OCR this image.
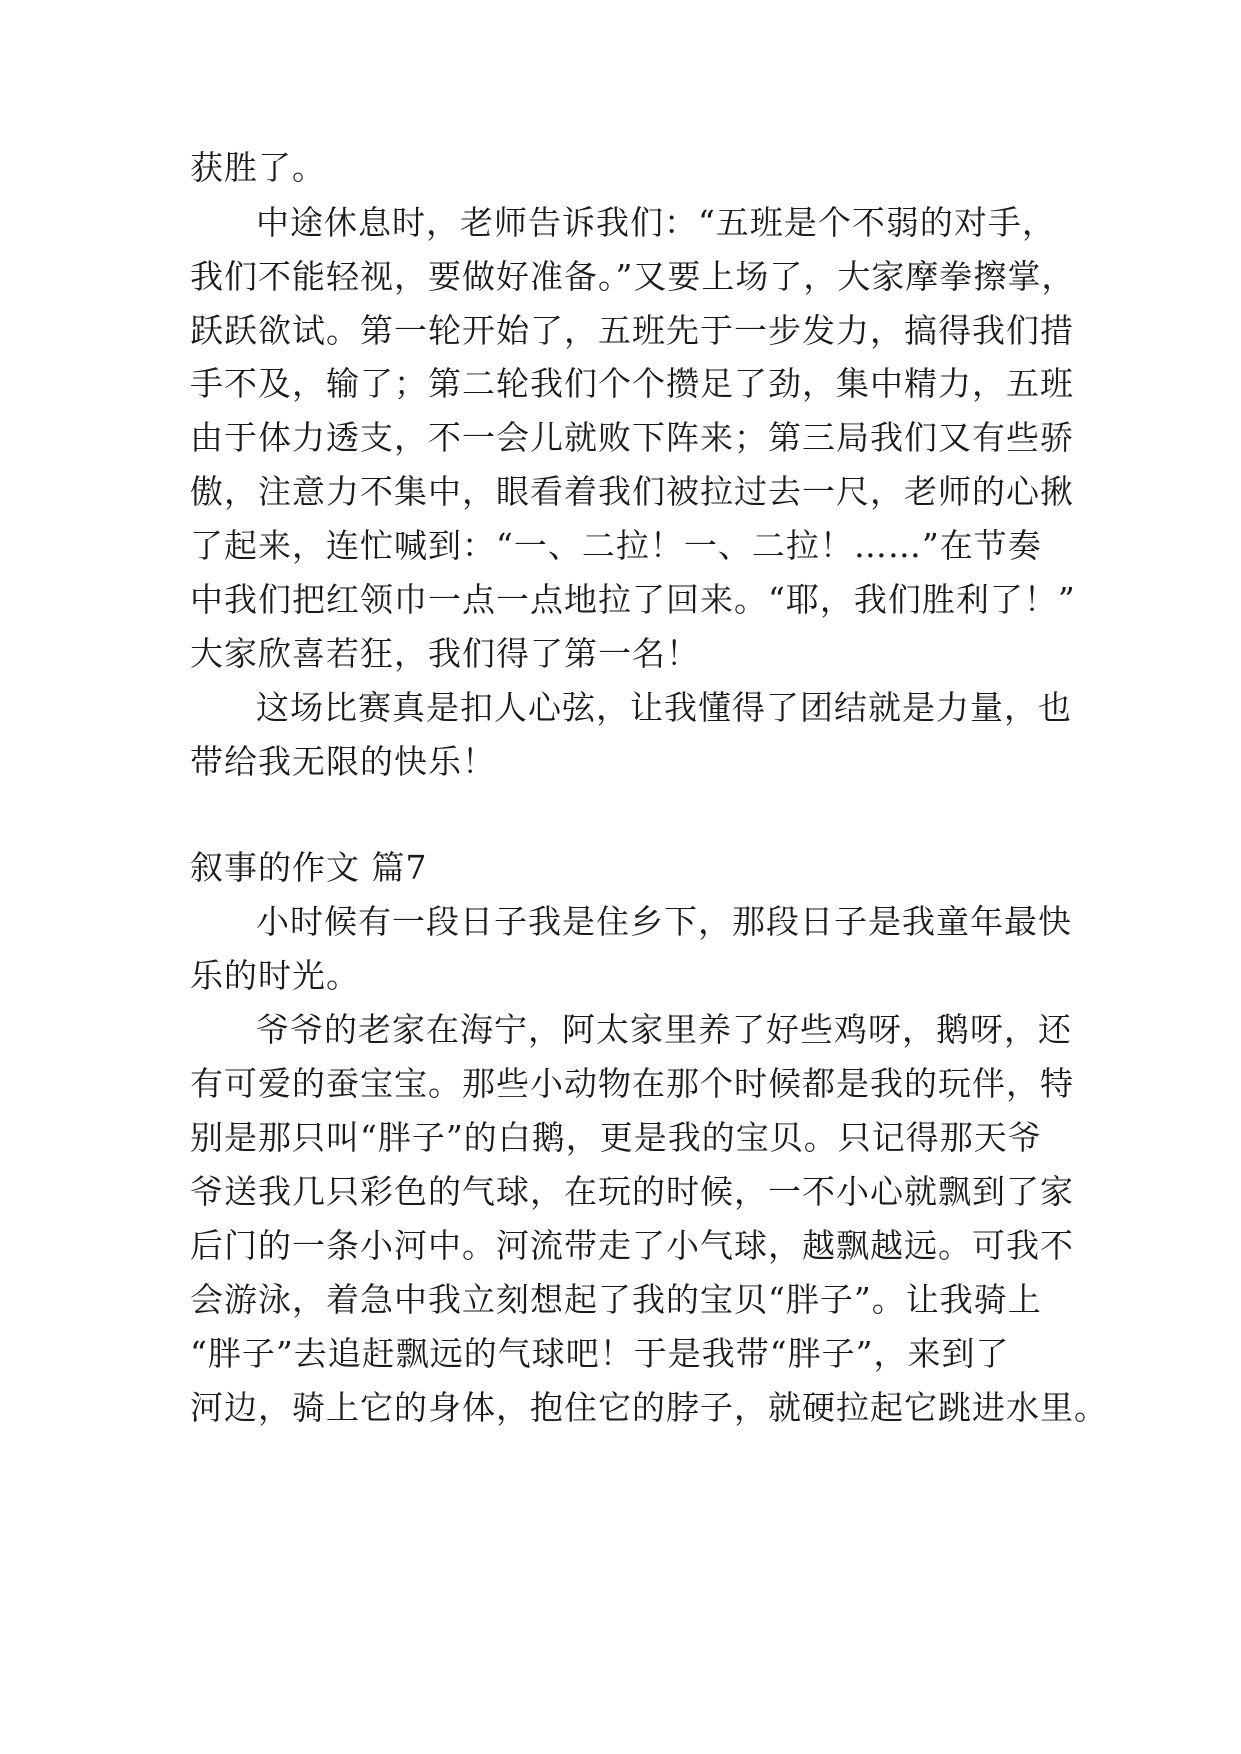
获胜了。

中途休息时，老师告诉我们：“五班是个不弱的对手，

我们不能轻视，要做好准备。”又要上场了，大家摩拳擦掌，

跃跃欲试。第一轮开始了，五班先于一步发力，搞得我们措

手不及，输了；第二轮我们个个攒足了劲，集中精力，五班

由于体力透支，不一会儿就败下阵来；第三局我们又有些骄

傲，注意力不集中，眼看着我们被拉过去一尺，老师的心揪

了起来，连忙喊到：“一、二拉！一、二拉！……”在节奏

中我们把红领巾一点一点地拉了回来。“耶，我们胜利了！”

大家欣喜若狂，我们得了第一名！

这场比赛真是扣人心弦，让我懂得了团结就是力量，也

带给我无限的快乐！

叙事的作文 篇7

小时候有一段日子我是住乡下，那段日子是我童年最快

乐的时光。

爷爷的老家在海宁，阿太家里养了好些鸡呀，鹅呀，还

有可爱的蚕宝宝。那些小动物在那个时候都是我的玩伴，特

别是那只叫“胖子”的白鹅，更是我的宝贝。只记得那天爷

爷送我几只彩色的气球，在玩的时候，一不小心就飘到了家

后门的一条小河中。河流带走了小气球，越飘越远。可我不

会游泳，着急中我立刻想起了我的宝贝“胖子”。让我骑上

“胖子”去追赶飘远的气球吧！于是我带“胖子”，来到了

河边，骑上它的身体，抱住它的脖子，就硬拉起它跳进水里。
